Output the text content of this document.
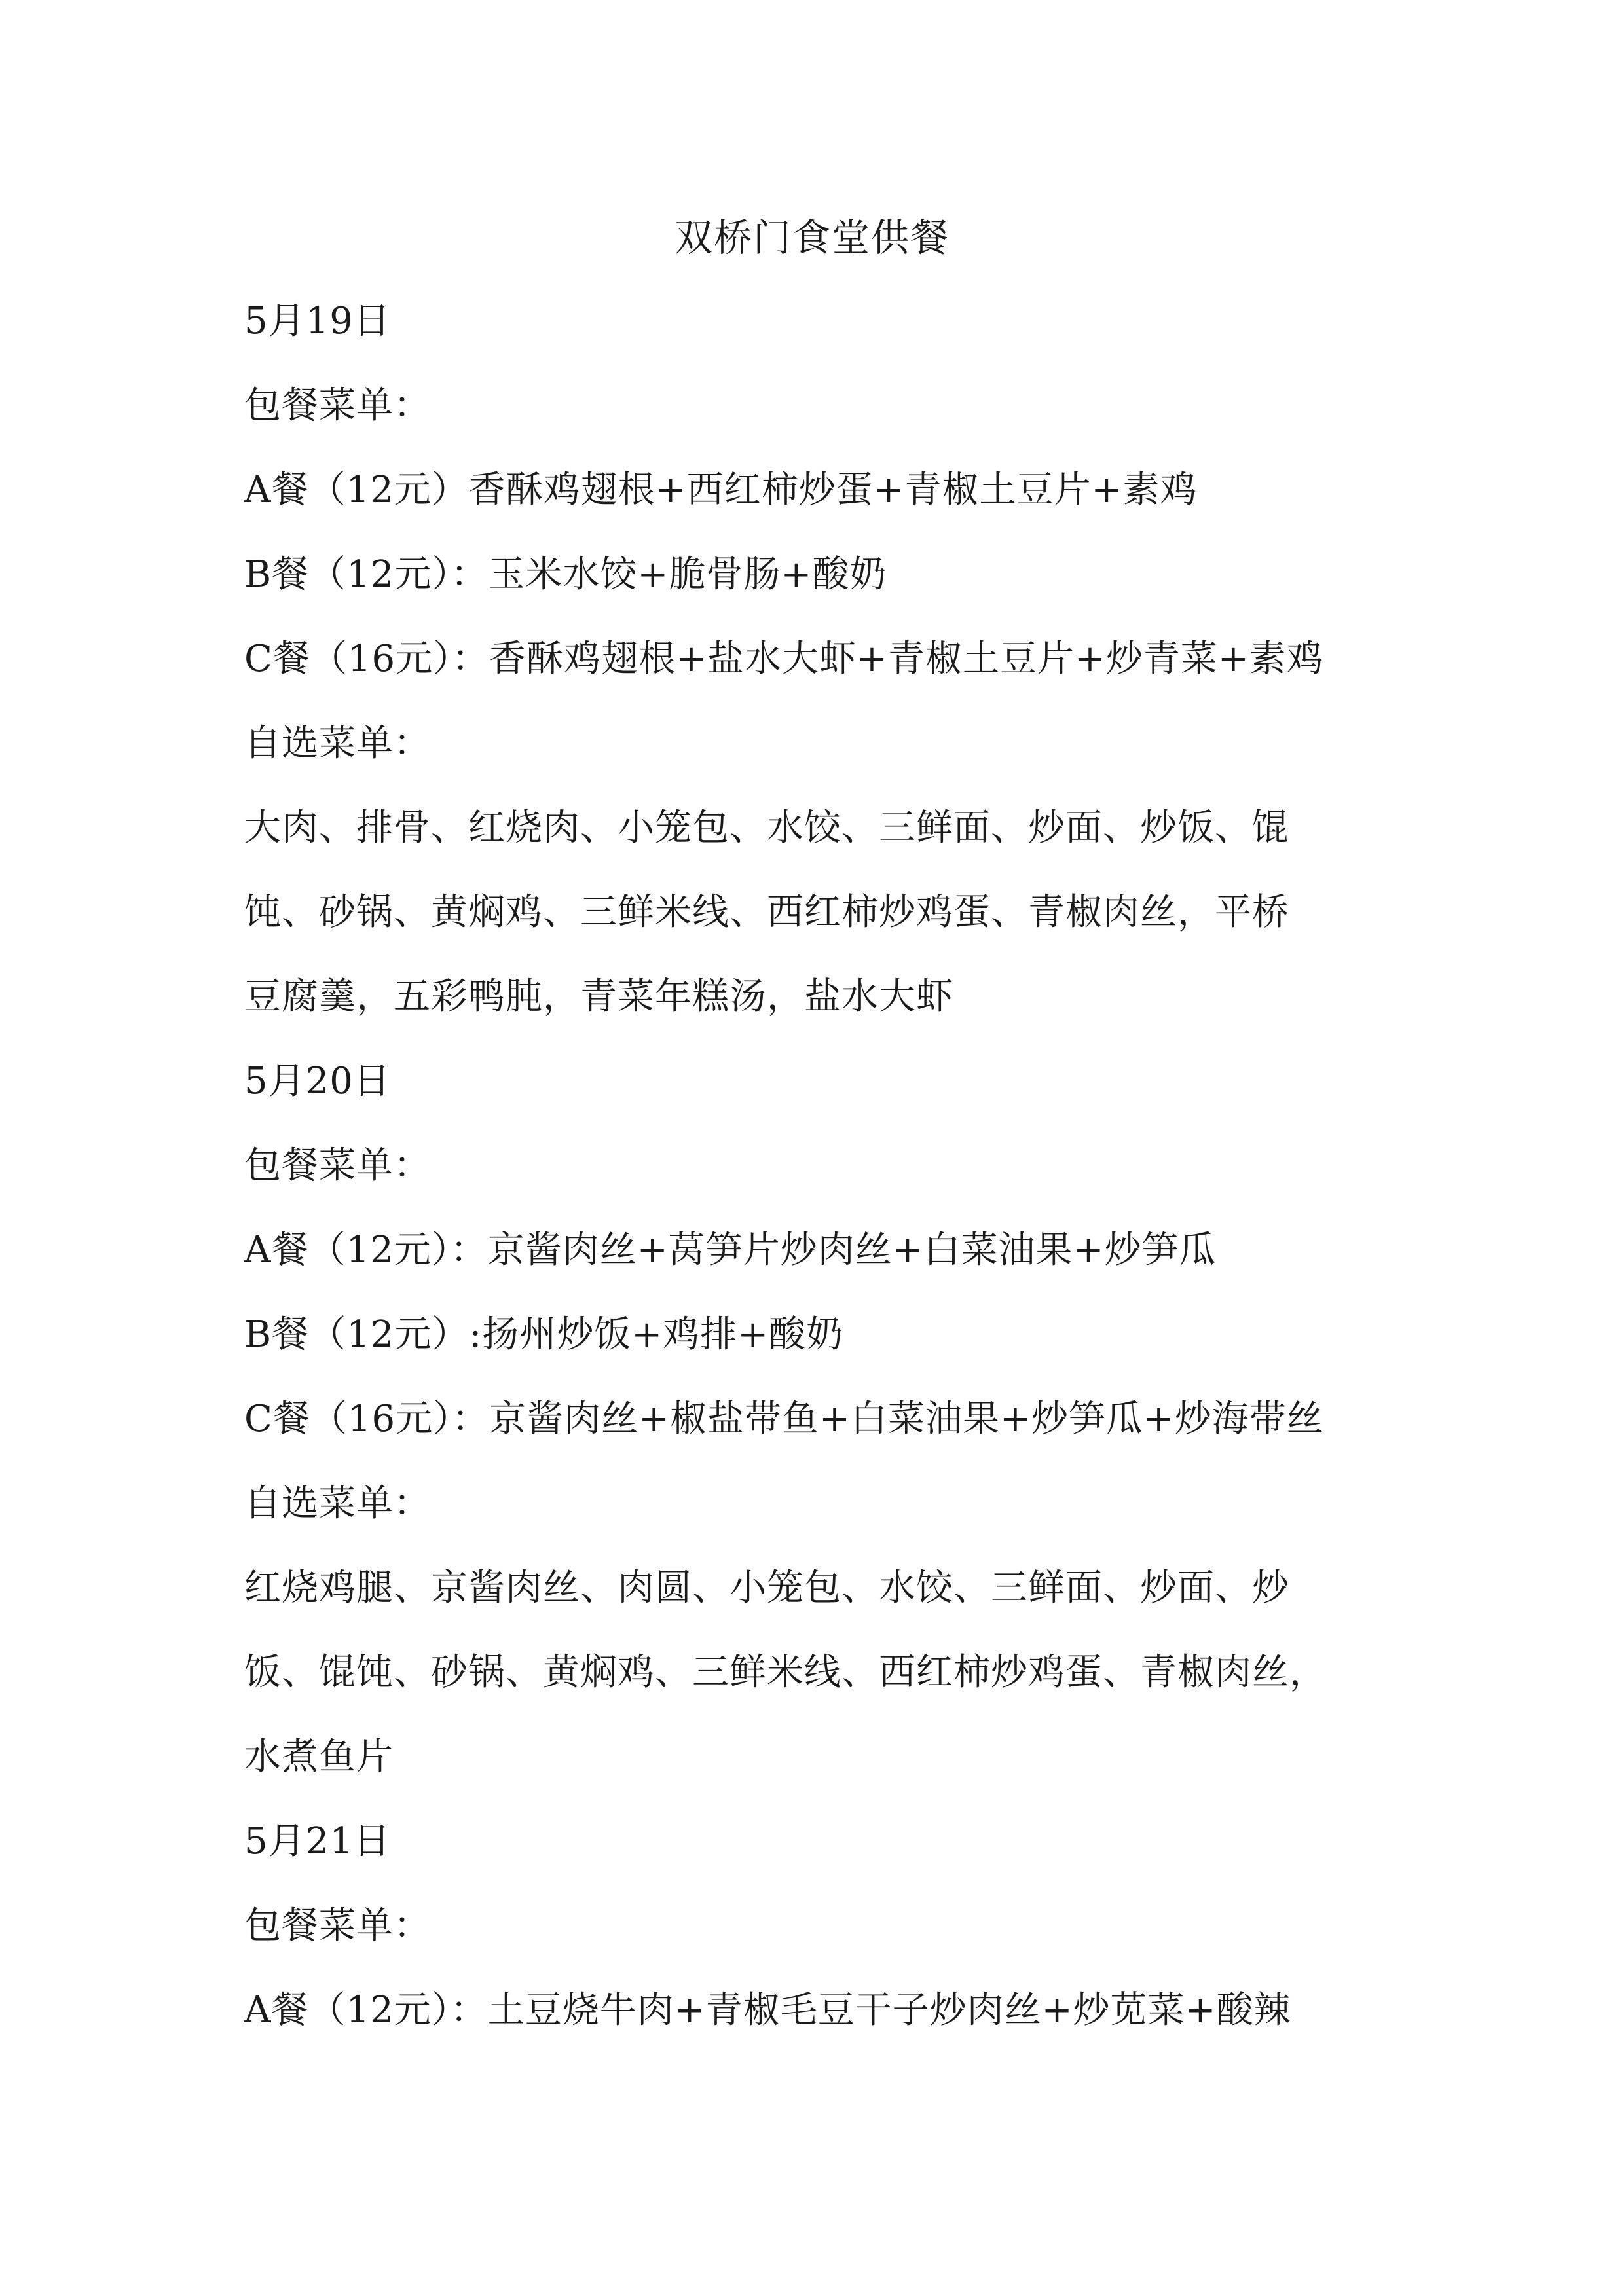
双桥门食堂供餐
5月19日
包餐菜单：
A餐（12元）香酥鸡翅根+西红柿炒蛋+青椒土豆片+素鸡
B餐（12元）：玉米水饺+脆骨肠+酸奶
C餐（16元）：香酥鸡翅根+盐水大虾+青椒土豆片+炒青菜+素鸡
自选菜单：
大肉、排骨、红烧肉、小笼包、水饺、三鲜面、炒面、炒饭、馄
饨、砂锅、黄焖鸡、三鲜米线、西红柿炒鸡蛋、青椒肉丝，平桥
豆腐羹，五彩鸭肫，青菜年糕汤，盐水大虾
5月20日
包餐菜单：
A餐（12元）：京酱肉丝+莴笋片炒肉丝+白菜油果+炒笋瓜
B餐（12元）:扬州炒饭+鸡排+酸奶
C餐（16元）：京酱肉丝+椒盐带鱼+白菜油果+炒笋瓜+炒海带丝
自选菜单：
红烧鸡腿、京酱肉丝、肉圆、小笼包、水饺、三鲜面、炒面、炒
饭、馄饨、砂锅、黄焖鸡、三鲜米线、西红柿炒鸡蛋、青椒肉丝，
水煮鱼片
5月21日
包餐菜单：
A餐（12元）：土豆烧牛肉+青椒毛豆干子炒肉丝+炒苋菜+酸辣
